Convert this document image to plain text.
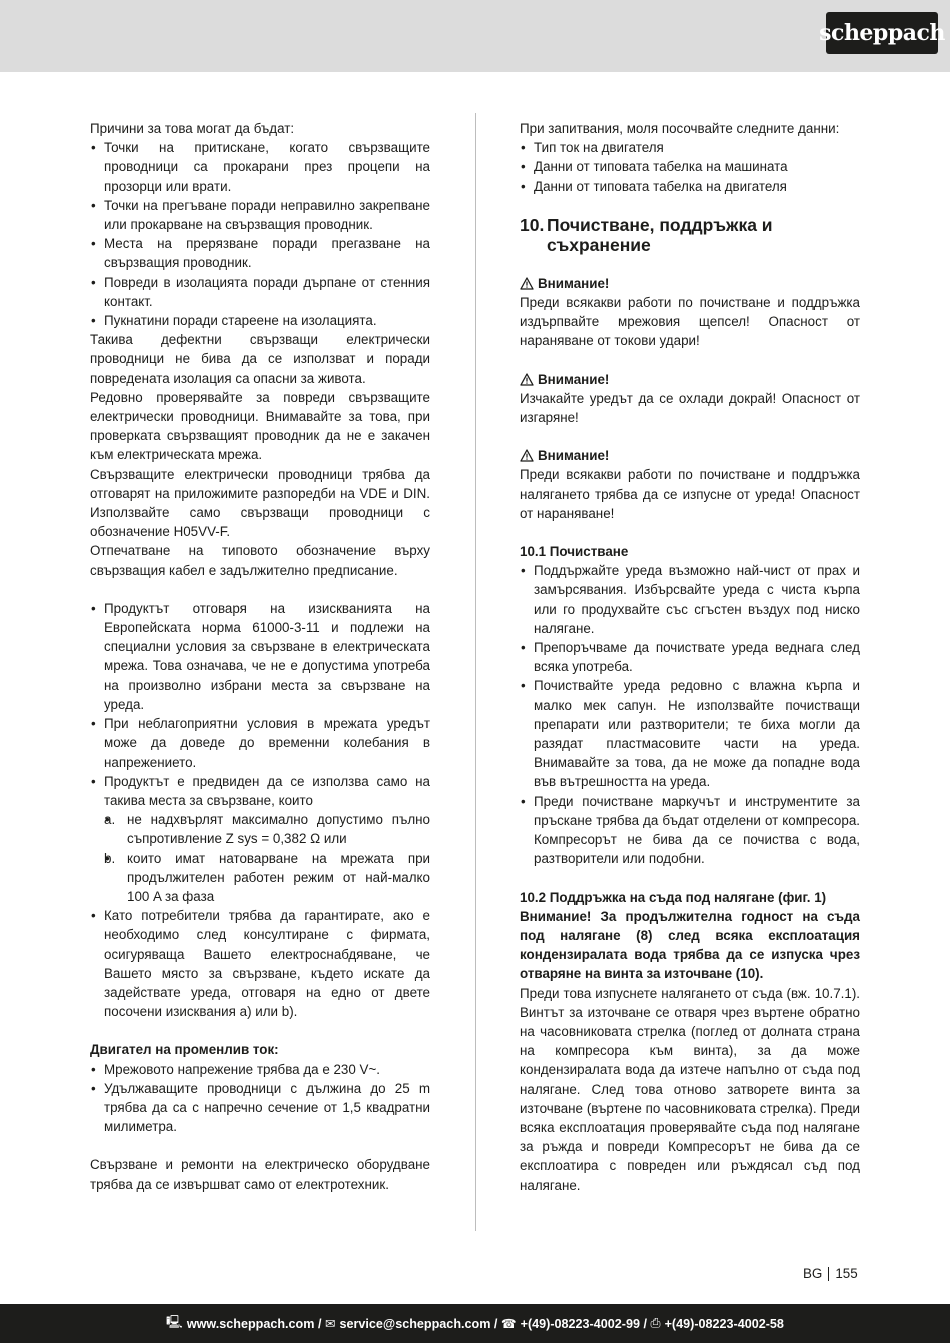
scheppach

Причини за това могат да бъдат:

• Точки на притискане, когато свързващите проводници са прокарани през процепи на прозорци или врати.
• Точки на прегъване поради неправилно закрепване или прокарване на свързващия проводник.
• Места на прерязване поради прегазване на свързващия проводник.
• Повреди в изолацията поради дърпане от стенния контакт.
• Пукнатини поради стареене на изолацията.

Такива дефектни свързващи електрически проводници не бива да се използват и поради повредената изолация са опасни за живота.

Редовно проверявайте за повреди свързващите електрически проводници. Внимавайте за това, при проверката свързващият проводник да не е закачен към електрическата мрежа.

Свързващите електрически проводници трябва да отговарят на приложимите разпоредби на VDE и DIN. Използвайте само свързващи проводници с обозначение H05VV-F.

Отпечатване на типовото обозначение върху свързващия кабел е задължително предписание.

• Продуктът отговаря на изискванията на Европейската норма 61000-3-11 и подлежи на специални условия за свързване в електрическата мрежа. Това означава, че не е допустима употреба на произволно избрани места за свързване на уреда.
• При неблагоприятни условия в мрежата уредът може да доведе до временни колебания в напрежението.
• Продуктът е предвиден да се използва само на такива места за свързване, които
• a. не надхвърлят максимално допустимо пълно съпротивление Z sys = 0,382 Ω или
• b. които имат натоварване на мрежата при продължителен работен режим от най-малко 100 A за фаза
• Като потребители трябва да гарантирате, ако е необходимо след консултиране с фирмата, осигуряваща Вашето електроснабдяване, че Вашето място за свързване, където искате да задействате уреда, отговаря на едно от двете посочени изисквания a) или b).

Двигател на променлив ток:

• Мрежовото напрежение трябва да е 230 V~.
• Удължаващите проводници с дължина до 25 m трябва да са с напречно сечение от 1,5 квадратни милиметра.

Свързване и ремонти на електрическо оборудване трябва да се извършват само от електротехник.

При запитвания, моля посочвайте следните данни:

• Тип ток на двигателя
• Данни от типовата табелка на машината
• Данни от типовата табелка на двигателя
10. Почистване, поддръжка и съхранение
Внимание!

Преди всякакви работи по почистване и поддръжка издърпвайте мрежовия щепсел! Опасност от нараняване от токови удари!

Внимание!

Изчакайте уредът да се охлади докрай! Опасност от изгаряне!

Внимание!

Преди всякакви работи по почистване и поддръжка налягането трябва да се изпусне от уреда! Опасност от нараняване!

10.1 Почистване

• Поддържайте уреда възможно най-чист от прах и замърсявания. Избърсвайте уреда с чиста кърпа или го продухвайте със сгъстен въздух под ниско налягане.
• Препоръчваме да почиствате уреда веднага след всяка употреба.
• Почиствайте уреда редовно с влажна кърпа и малко мек сапун. Не използвайте почистващи препарати или разтворители; те биха могли да разядат пластмасовите части на уреда. Внимавайте за това, да не може да попадне вода във вътрешността на уреда.
• Преди почистване маркучът и инструментите за пръскане трябва да бъдат отделени от компресора. Компресорът не бива да се почиства с вода, разтворители или подобни.

10.2 Поддръжка на съда под налягане (фиг. 1)

Внимание! За продължителна годност на съда под налягане (8) след всяка експлоатация кондензиралата вода трябва да се изпуска чрез отваряне на винта за източване (10).

Преди това изпуснете налягането от съда (вж. 10.7.1). Винтът за източване се отваря чрез въртене обратно на часовниковата стрелка (поглед от долната страна на компресора към винта), за да може кондензиралата вода да изтече напълно от съда под налягане. След това отново затворете винта за източване (въртене по часовниковата стрелка). Преди всяка експлоатация проверявайте съда под налягане за ръжда и повреди Компресорът не бива да се експлоатира с повреден или ръждясал съд под налягане.

BG 155
🖳 www.scheppach.com / ✉ service@scheppach.com / ☎ +(49)-08223-4002-99 / ⎙ +(49)-08223-4002-58
